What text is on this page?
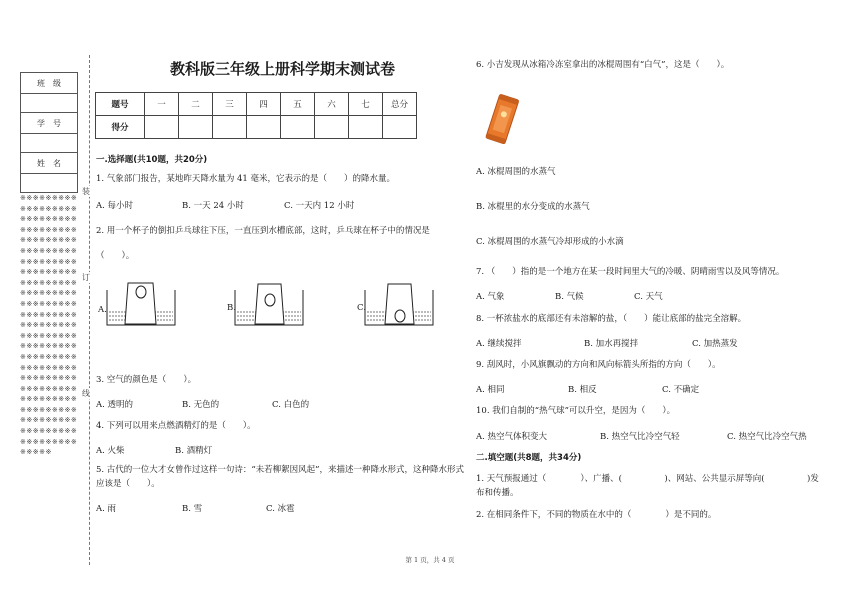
班　级

学　号

姓　名

※※※※※※※※※※※※※※※※※※※※※※※※※※※※※※※※※※※※※※※※※※※※※※※※※※※※※※※※※※※※※※※※※※※※※※※※※※※※※※※※※※※※※※※※※※※※※※※※※※※※※※※※※※※※※※※※※※※※※※※※※※※※※※※※※※※※※※※※※※※※※※※※※※※※※※※※※※※※※※※※※※※※※※※※※※※※※※※※※※※※※※※※※※※※※※※※※※※※※※※※※※※※※※※※※※※※※※※※※※※※※
装
订
线
教科版三年级上册科学期末测试卷
题号	一	二	三	四	五	六	七	总分
得分								
一.选择题(共10题，共20分)
1. 气象部门报告，某地昨天降水量为 41 毫米，它表示的是（　　）的降水量。
A. 每小时	B. 一天 24 小时	C. 一天内 12 小时
2. 用一个杯子的倒扣乒乓球往下压，一直压到水槽底部，这时，乒乓球在杯子中的情况是（　　）。
A.	B.	C.
3. 空气的颜色是（　　）。
A. 透明的	B. 无色的	C. 白色的
4. 下列可以用来点燃酒精灯的是（　　）。
A. 火柴	B. 酒精灯
5. 古代的一位大才女曾作过这样一句诗：“未若柳絮因风起”，来描述一种降水形式，这种降水形式应该是（　　）。
A. 雨	B. 雪	C. 冰雹
6. 小吉发现从冰箱冷冻室拿出的冰棍周围有“白气”，这是（　　）。
A. 冰棍周围的水蒸气
B. 冰棍里的水分变成的水蒸气
C. 冰棍周围的水蒸气冷却形成的小水滴
7. （　　）指的是一个地方在某一段时间里大气的冷暖、阴晴雨雪以及风等情况。
A. 气象	B. 气候	C. 天气
8. 一杯浓盐水的底部还有未溶解的盐，（　　）能让底部的盐完全溶解。
A. 继续搅拌	B. 加水再搅拌	C. 加热蒸发
9. 刮风时，小风旗飘动的方向和风向标箭头所指的方向（　　）。
A. 相同	B. 相反	C. 不确定
10. 我们自制的“热气球”可以升空，是因为（　　）。
A. 热空气体积变大	B. 热空气比冷空气轻	C. 热空气比冷空气热
二.填空题(共8题，共34分)
1. 天气预报通过（　　　　）、广播、(　　　　　)、网站、公共显示屏等向(　　　　　)发布和传播。
2. 在相同条件下，不同的物质在水中的（　　　　）是不同的。
第 1 页，共 4 页
